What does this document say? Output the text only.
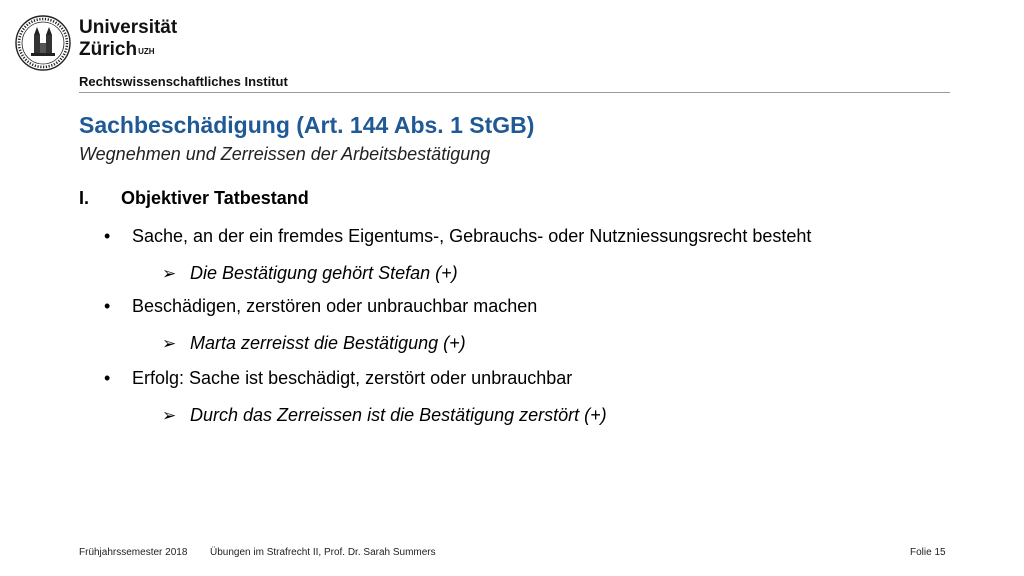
Universität
Zürich$^{UZH}$
Rechtswissenschaftliches Institut
Sachbeschädigung (Art. 144 Abs. 1 StGB)
Wegnehmen und Zerreissen der Arbeitsbestätigung
I. Objektiver Tatbestand
• Sache, an der ein fremdes Eigentums-, Gebrauchs- oder Nutzniessungsrecht besteht
➢ Die Bestätigung gehört Stefan (+)
• Beschädigen, zerstören oder unbrauchbar machen
➢ Marta zerreisst die Bestätigung (+)
• Erfolg: Sache ist beschädigt, zerstört oder unbrauchbar
➢ Durch das Zerreissen ist die Bestätigung zerstört (+)
Frühjahrssemester 2018 Übungen im Strafrecht II, Prof. Dr. Sarah Summers	Folie 15
